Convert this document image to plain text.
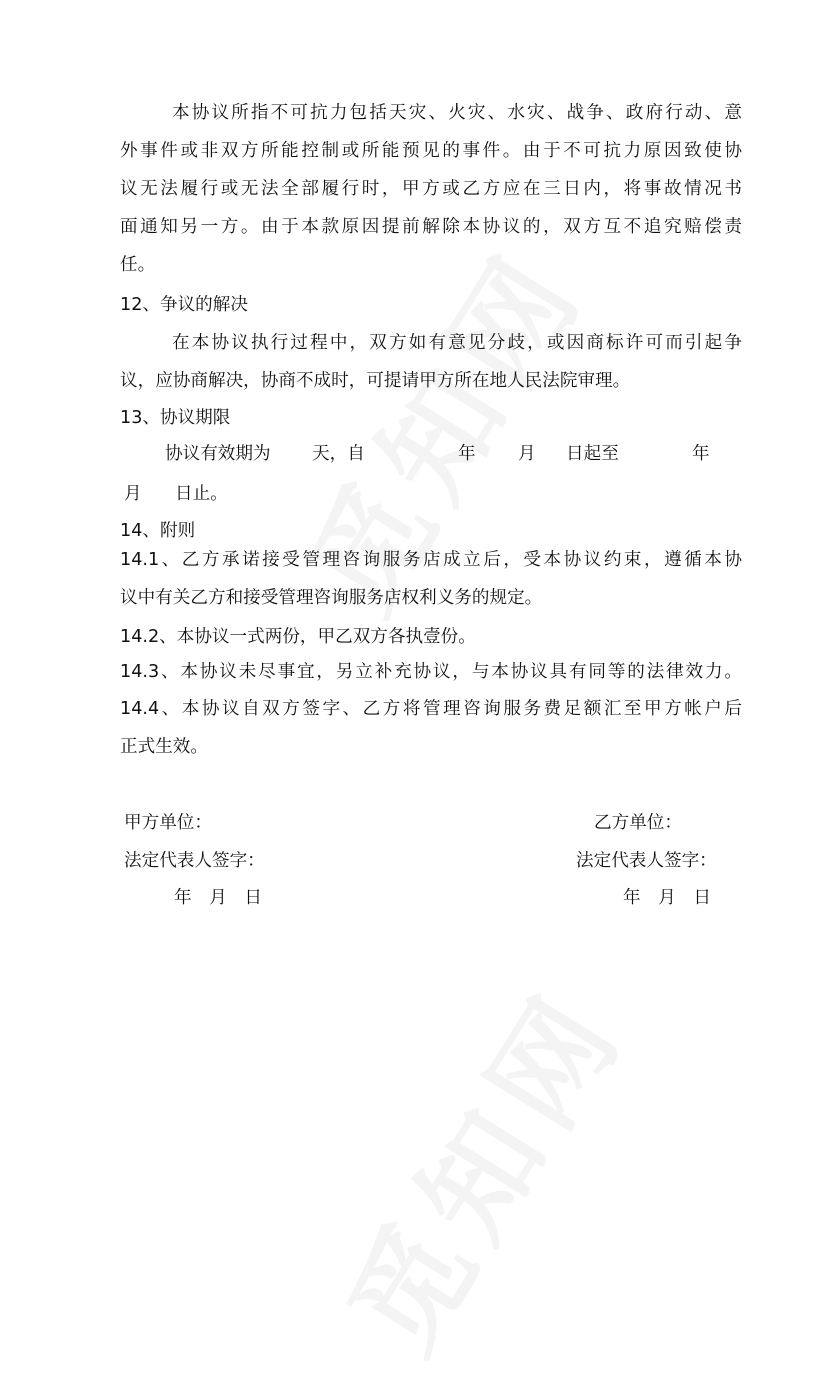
本协议所指不可抗力包括天灾、火灾、水灾、战争、政府行动、意
外事件或非双方所能控制或所能预见的事件。由于不可抗力原因致使协
议无法履行或无法全部履行时，甲方或乙方应在三日内，将事故情况书
面通知另一方。由于本款原因提前解除本协议的，双方互不追究赔偿责
任。
12、争议的解决
在本协议执行过程中，双方如有意见分歧，或因商标许可而引起争
议，应协商解决，协商不成时，可提请甲方所在地人民法院审理。
13、协议期限
协议有效期为 天，自	年 月 日起至	年
月 日止。
14、附则
14.1、乙方承诺接受管理咨询服务店成立后，受本协议约束，遵循本协
议中有关乙方和接受管理咨询服务店权利义务的规定。
14.2、本协议一式两份，甲乙双方各执壹份。
14.3、本协议未尽事宜，另立补充协议，与本协议具有同等的法律效力。
14.4、本协议自双方签字、乙方将管理咨询服务费足额汇至甲方帐户后
正式生效。
甲方单位：	乙方单位：
法定代表人签字：	法定代表人签字：
年　月　日	年　月　日
